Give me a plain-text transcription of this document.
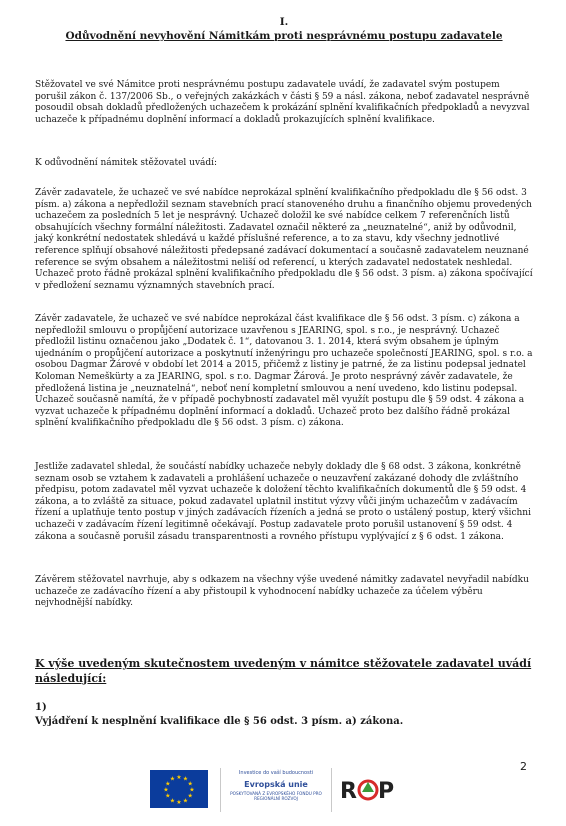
I.
Odůvodnění nevyhovění Námitkám proti nesprávnému postupu zadavatele
Stěžovatel ve své Námitce proti nesprávnému postupu zadavatele uvádí, že zadavatel svým postupem porušil zákon č. 137/2006 Sb., o veřejných zakázkách v části § 59 a násl. zákona, neboť zadavatel nesprávně posoudil obsah dokladů předložených uchazečem k prokázání splnění kvalifikačních předpokladů a nevyzval uchazeče k případnému doplnění informací a dokladů prokazujících splnění kvalifikace.
K odůvodnění námitek stěžovatel uvádí:
Závěr zadavatele, že uchazeč ve své nabídce neprokázal splnění kvalifikačního předpokladu dle § 56 odst. 3 písm. a) zákona a nepředložil seznam stavebních prací stanoveného druhu a finančního objemu provedených uchazečem za posledních 5 let je nesprávný. Uchazeč doložil ke své nabídce celkem 7 referenčních listů obsahujících všechny formální náležitosti. Zadavatel označil některé za „neuznatelné“, aniž by odůvodnil, jaký konkrétní nedostatek shledává u každé příslušné reference, a to za stavu, kdy všechny jednotlivé reference splňují obsahové náležitosti předepsané zadávací dokumentací a současně zadavatelem neuznané reference se svým obsahem a náležitostmi neliší od referencí, u kterých zadavatel nedostatek neshledal. Uchazeč proto řádně prokázal splnění kvalifikačního předpokladu dle § 56 odst. 3 písm. a) zákona spočívající v předložení seznamu významných stavebních prací.
Závěr zadavatele, že uchazeč ve své nabídce neprokázal část kvalifikace dle § 56 odst. 3 písm. c) zákona a nepředložil smlouvu o propůjčení autorizace uzavřenou s JEARING, spol. s r.o., je nesprávný. Uchazeč předložil listinu označenou jako „Dodatek č. 1“, datovanou 3. 1. 2014, která svým obsahem je úplným ujednáním o propůjčení autorizace a poskytnutí inženýringu pro uchazeče společností JEARING, spol. s r.o. a osobou Dagmar Žárové v období let 2014 a 2015, přičemž z listiny je patrné, že za listinu podepsal jednatel Koloman Nemeškürty a za JEARING, spol. s r.o. Dagmar Žárová. Je proto nesprávný závěr zadavatele, že předložená listina je „neuznatelná“, neboť není kompletní smlouvou a není uvedeno, kdo listinu podepsal. Uchazeč současně namítá, že v případě pochybností zadavatel měl využít postupu dle § 59 odst. 4 zákona a vyzvat uchazeče k případnému doplnění informací a dokladů. Uchazeč proto bez dalšího řádně prokázal splnění kvalifikačního předpokladu dle § 56 odst. 3 písm. c) zákona.
Jestliže zadavatel shledal, že součástí nabídky uchazeče nebyly doklady dle § 68 odst. 3 zákona, konkrétně seznam osob se vztahem k zadavateli a prohlášení uchazeče o neuzavření zakázané dohody dle zvláštního předpisu, potom zadavatel měl vyzvat uchazeče k doložení těchto kvalifikačních dokumentů dle § 59 odst. 4 zákona, a to zvláště za situace, pokud zadavatel uplatnil institut výzvy vůči jiným uchazečům v zadávacím řízení a uplatňuje tento postup v jiných zadávacích řízeních a jedná se proto o ustálený postup, který všichni uchazeči v zadávacím řízení legitimně očekávají. Postup zadavatele proto porušil ustanovení § 59 odst. 4 zákona a současně porušil zásadu transparentnosti a rovného přístupu vyplývající z § 6 odst. 1 zákona.
Závěrem stěžovatel navrhuje, aby s odkazem na všechny výše uvedené námitky zadavatel nevyřadil nabídku uchazeče ze zadávacího řízení a aby přistoupil k vyhodnocení nabídky uchazeče za účelem výběru nejvhodnější nabídky.
K výše uvedeným skutečnostem uvedeným v námitce stěžovatele zadavatel uvádí následující:
1)
Vyjádření k nesplnění kvalifikace dle § 56 odst. 3 písm. a) zákona.
2
★ ★
★
★
★
★
★
★
★
★
★
★
Investice do vaší budoucnosti
Evropská unie
POSKYTOVANÁ Z EVROPSKÉHO FONDU PRO REGIONÁLNÍ ROZVOJ	R P
